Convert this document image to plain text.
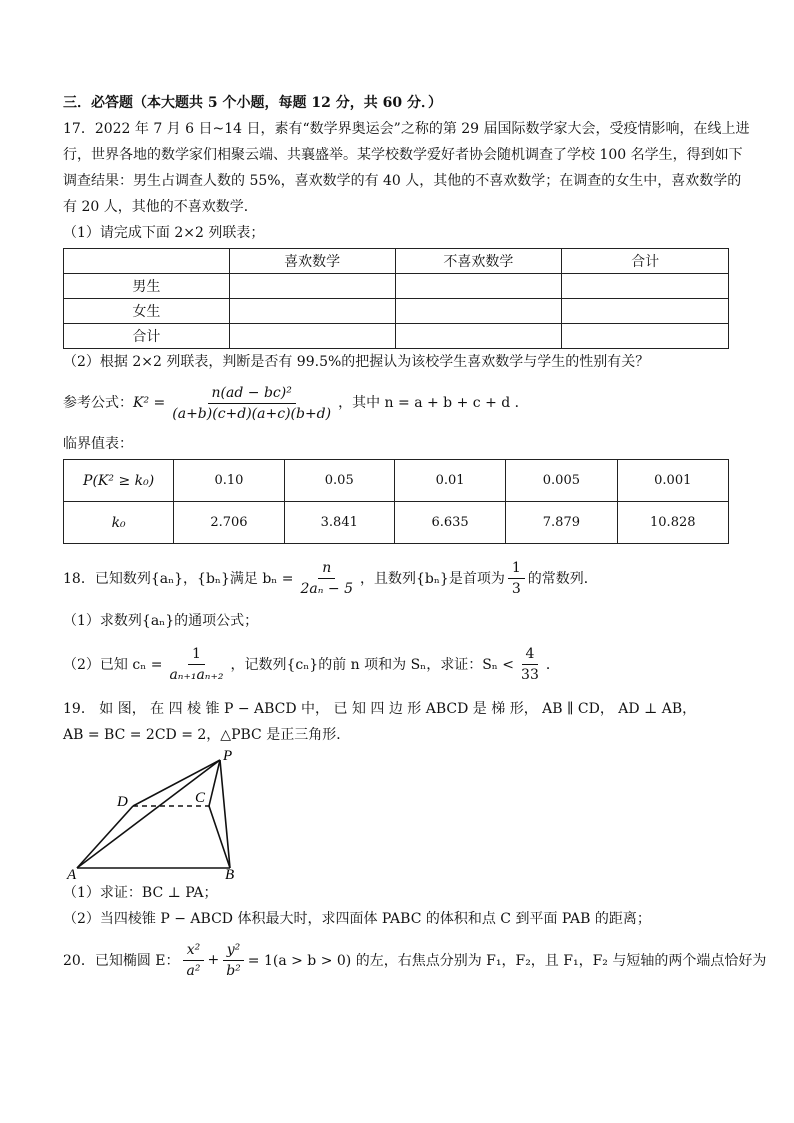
三．必答题（本大题共 5 个小题，每题 12 分，共 60 分．）
17．2022 年 7 月 6 日~14 日，素有“数学界奥运会”之称的第 29 届国际数学家大会，受疫情影响，在线上进
行，世界各地的数学家们相聚云端、共襄盛举。某学校数学爱好者协会随机调查了学校 100 名学生，得到如下
调查结果：男生占调查人数的 55%，喜欢数学的有 40 人，其他的不喜欢数学；在调查的女生中，喜欢数学的
有 20 人，其他的不喜欢数学．
（1）请完成下面 2×2 列联表；
	喜欢数学	不喜欢数学	合计
男生			
女生			
合计			
（2）根据 2×2 列联表，判断是否有 99.5%的把握认为该校学生喜欢数学与学生的性别有关？
参考公式： $K^2 = \frac{\text{n(ad − bc)²}}{(a+b)(c+d)(a+c)(b+d)}$ ，其中 n = a + b + c + d ．
临界值表：
P(K² ≥ k₀)	0.10	0.05	0.01	0.005	0.001
k₀	2.706	3.841	6.635	7.879	10.828
18．已知数列{aₙ}，{bₙ}满足 $b_n = \frac{n}{\text{2aₙ − 5}}$ ，且数列{bₙ}是首项为 $\frac{1}{3}$ 的常数列．
（1）求数列{aₙ}的通项公式；
（2）已知 $c_n = \frac{1}{\text{aₙ₊₁aₙ₊₂}}$ ，记数列{cₙ}的前 n 项和为 Sₙ，求证：$S_n < \frac{4}{33}$ ．
19． 如 图， 在 四 棱 锥 P − ABCD 中， 已 知 四 边 形 ABCD 是 梯 形， AB ∥ CD， AD ⊥ AB，
AB = BC = 2CD = 2，△PBC 是正三角形．
P
D	C
A	B
（1）求证：BC ⊥ PA；
（2）当四棱锥 P − ABCD 体积最大时，求四面体 PABC 的体积和点 C 到平面 PAB 的距离；
20．已知椭圆 E： $\frac{\text{x²}}{\text{a²}} + \frac{\text{y²}}{\text{b²}} = 1(a > b > 0)$ 的左，右焦点分别为 F₁，F₂，且 F₁，F₂ 与短轴的两个端点恰好为
